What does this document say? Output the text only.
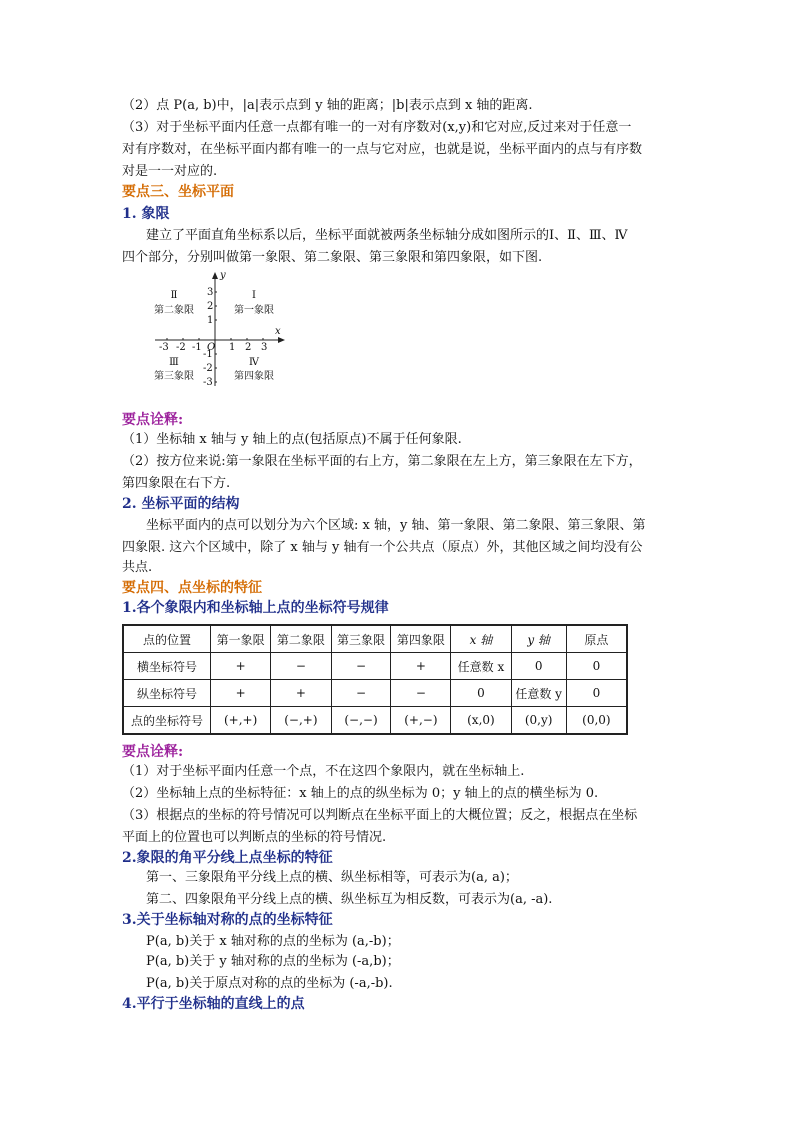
（2）点 P(a, b)中，|a|表示点到 y 轴的距离；|b|表示点到 x 轴的距离.
（3）对于坐标平面内任意一点都有唯一的一对有序数对(x,y)和它对应,反过来对于任意一
对有序数对，在坐标平面内都有唯一的一点与它对应，也就是说，坐标平面内的点与有序数
对是一一对应的.
要点三、坐标平面
1. 象限
建立了平面直角坐标系以后，坐标平面就被两条坐标轴分成如图所示的Ⅰ、Ⅱ、Ⅲ、Ⅳ
四个部分，分别叫做第一象限、第二象限、第三象限和第四象限，如下图.
x
y
O
-3 -2 -1	1 2 3
3
2
1
-1
-2
-3
Ⅰ
第一象限
Ⅱ
第二象限
Ⅲ
第三象限
Ⅳ
第四象限
要点诠释:
（1）坐标轴 x 轴与 y 轴上的点(包括原点)不属于任何象限.
（2）按方位来说:第一象限在坐标平面的右上方，第二象限在左上方，第三象限在左下方，
第四象限在右下方.
2. 坐标平面的结构
坐标平面内的点可以划分为六个区域: x 轴，y 轴、第一象限、第二象限、第三象限、第
四象限. 这六个区域中，除了 x 轴与 y 轴有一个公共点（原点）外，其他区域之间均没有公
共点.
要点四、点坐标的特征
1.各个象限内和坐标轴上点的坐标符号规律
点的位置	第一象限	第二象限	第三象限	第四象限	x 轴	y 轴	原点
横坐标符号	+	−	−	+	任意数 x	0	0
纵坐标符号	+	+	−	−	0	任意数 y	0
点的坐标符号	(+,+)	(−,+)	(−,−)	(+,−)	(x,0)	(0,y)	(0,0)
要点诠释:
（1）对于坐标平面内任意一个点，不在这四个象限内，就在坐标轴上.
（2）坐标轴上点的坐标特征：x 轴上的点的纵坐标为 0；y 轴上的点的横坐标为 0.
（3）根据点的坐标的符号情况可以判断点在坐标平面上的大概位置；反之，根据点在坐标
平面上的位置也可以判断点的坐标的符号情况.
2.象限的角平分线上点坐标的特征
第一、三象限角平分线上点的横、纵坐标相等，可表示为(a, a)；
第二、四象限角平分线上点的横、纵坐标互为相反数，可表示为(a, -a).
3.关于坐标轴对称的点的坐标特征
P(a, b)关于 x 轴对称的点的坐标为 (a,-b)；
P(a, b)关于 y 轴对称的点的坐标为 (-a,b)；
P(a, b)关于原点对称的点的坐标为 (-a,-b).
4.平行于坐标轴的直线上的点
